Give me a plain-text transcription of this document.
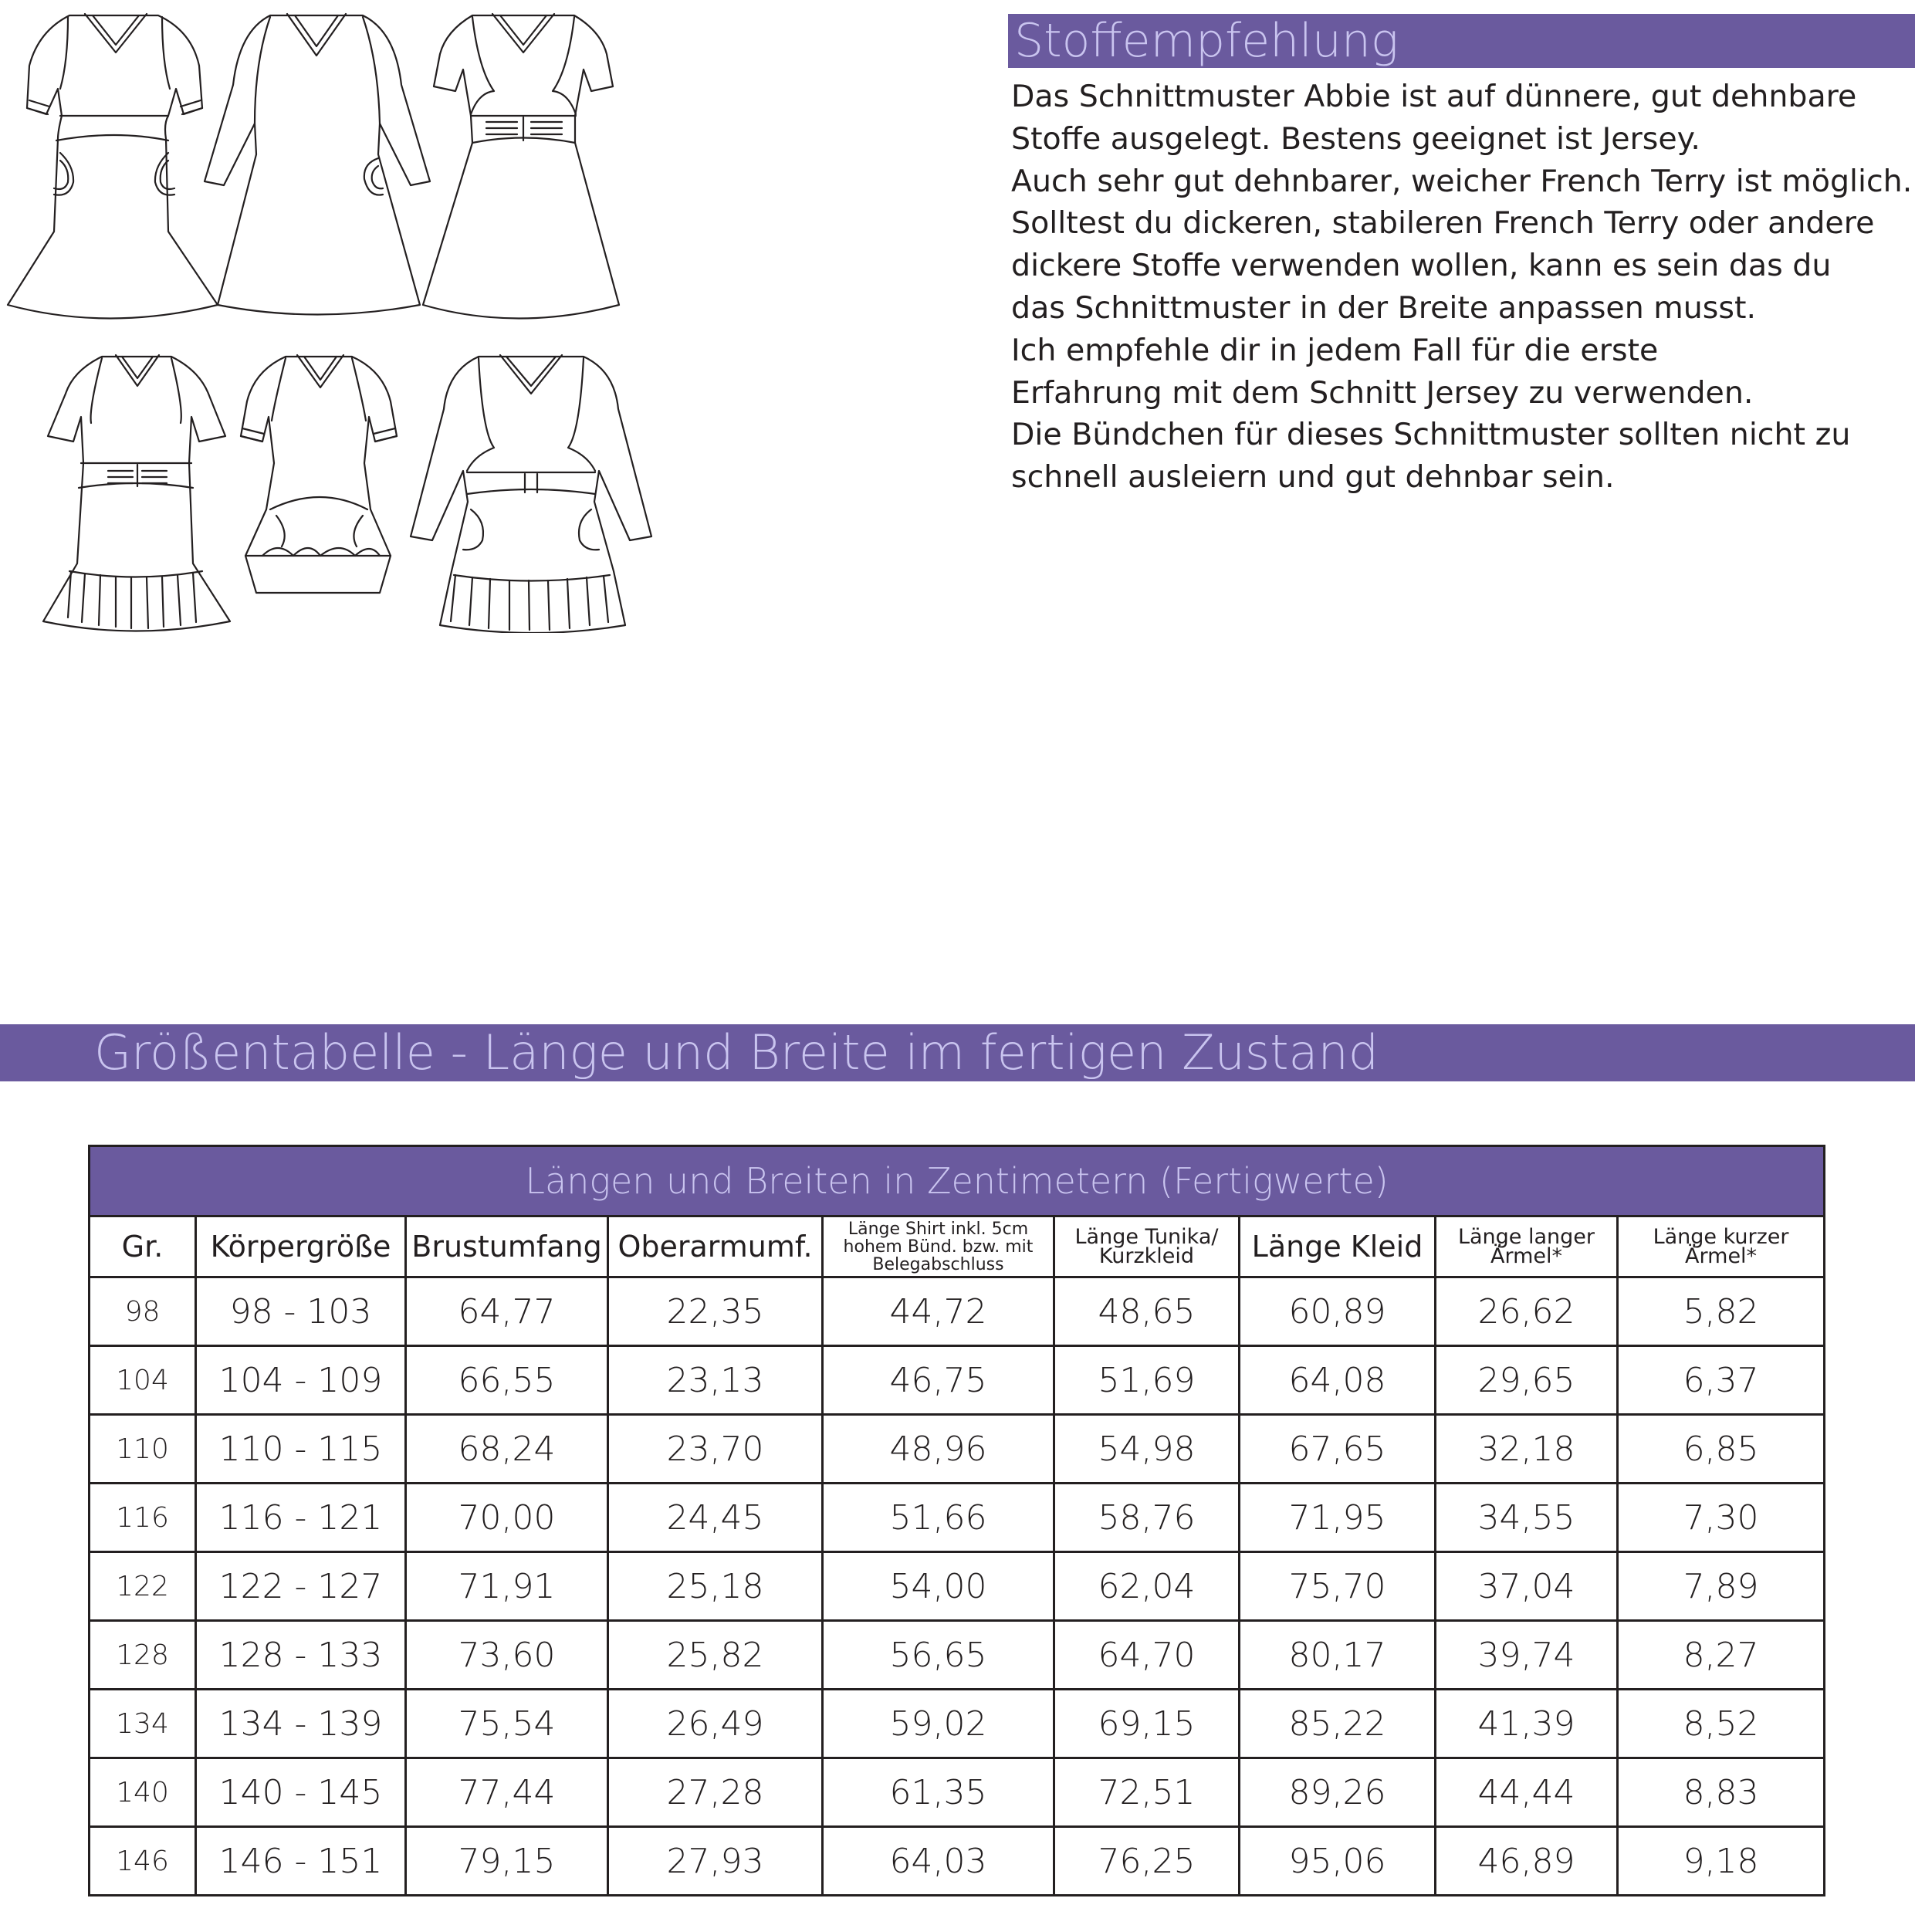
Stoffempfehlung
Das Schnittmuster Abbie ist auf dünnere, gut dehnbare
Stoffe ausgelegt. Bestens geeignet ist Jersey.
Auch sehr gut dehnbarer, weicher French Terry ist möglich.
Solltest du dickeren, stabileren French Terry oder andere
dickere Stoffe verwenden wollen, kann es sein das du
das Schnittmuster in der Breite anpassen musst.
Ich empfehle dir in jedem Fall für die erste
Erfahrung mit dem Schnitt Jersey zu verwenden.
Die Bündchen für dieses Schnittmuster sollten nicht zu
schnell ausleiern und gut dehnbar sein.
Größentabelle - Länge und Breite im fertigen Zustand
Längen und Breiten in Zentimetern (Fertigwerte)								
Gr.	Körpergröße	Brustumfang	Oberarmumf.	Länge Shirt inkl. 5cm hohem Bünd. bzw. mit Belegabschluss	Länge Tunika/ Kurzkleid	Länge Kleid	Länge langer Ärmel*	Länge kurzer Ärmel*
98	98 - 103	64,77	22,35	44,72	48,65	60,89	26,62	5,82
104	104 - 109	66,55	23,13	46,75	51,69	64,08	29,65	6,37
110	110 - 115	68,24	23,70	48,96	54,98	67,65	32,18	6,85
116	116 - 121	70,00	24,45	51,66	58,76	71,95	34,55	7,30
122	122 - 127	71,91	25,18	54,00	62,04	75,70	37,04	7,89
128	128 - 133	73,60	25,82	56,65	64,70	80,17	39,74	8,27
134	134 - 139	75,54	26,49	59,02	69,15	85,22	41,39	8,52
140	140 - 145	77,44	27,28	61,35	72,51	89,26	44,44	8,83
146	146 - 151	79,15	27,93	64,03	76,25	95,06	46,89	9,18
